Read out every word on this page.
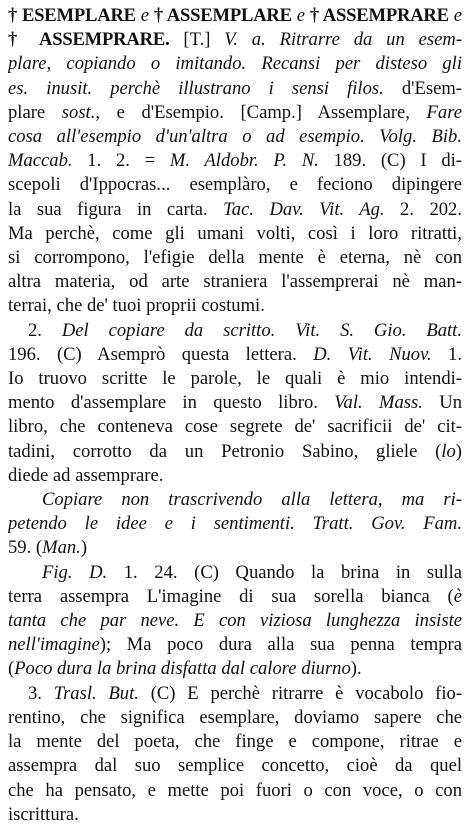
† ESEMPLARE e † ASSEMPLARE e † ASSEMPRARE e
† ASSEMPRARE. [T.] V. a. Ritrarre da un esem-
plare, copiando o imitando. Recansi per disteso gli
es. inusit. perchè illustrano i sensi filos. d'Esem-
plare sost., e d'Esempio. [Camp.] Assemplare, Fare
cosa all'esempio d'un'altra o ad esempio. Volg. Bib.
Maccab. 1. 2. = M. Aldobr. P. N. 189. (C) I di-
scepoli d'Ippocras... esemplàro, e feciono dipingere
la sua figura in carta. Tac. Dav. Vit. Ag. 2. 202.
Ma perchè, come gli umani volti, così i loro ritratti,
si corrompono, l'efigie della mente è eterna, nè con
altra materia, od arte straniera l'assemprerai nè man-
terrai, che de' tuoi proprii costumi.
2. Del copiare da scritto. Vit. S. Gio. Batt.
196. (C) Asemprò questa lettera. D. Vit. Nuov. 1.
Io truovo scritte le parole, le quali è mio intendi-
mento d'assemplare in questo libro. Val. Mass. Un
libro, che conteneva cose segrete de' sacrificii de' cit-
tadini, corrotto da un Petronio Sabino, gliele (lo)
diede ad assemprare.
Copiare non trascrivendo alla lettera, ma ri-
petendo le idee e i sentimenti. Tratt. Gov. Fam.
59. (Man.)
Fig. D. 1. 24. (C) Quando la brina in sulla
terra assempra L'imagine di sua sorella bianca (è
tanta che par neve. E con viziosa lunghezza insiste
nell'imagine); Ma poco dura alla sua penna tempra
(Poco dura la brina disfatta dal calore diurno).
3. Trasl. But. (C) E perchè ritrarre è vocabolo fio-
rentino, che significa esemplare, doviamo sapere che
la mente del poeta, che finge e compone, ritrae e
assempra dal suo semplice concetto, cioè da quel
che ha pensato, e mette poi fuori o con voce, o con
iscrittura.
